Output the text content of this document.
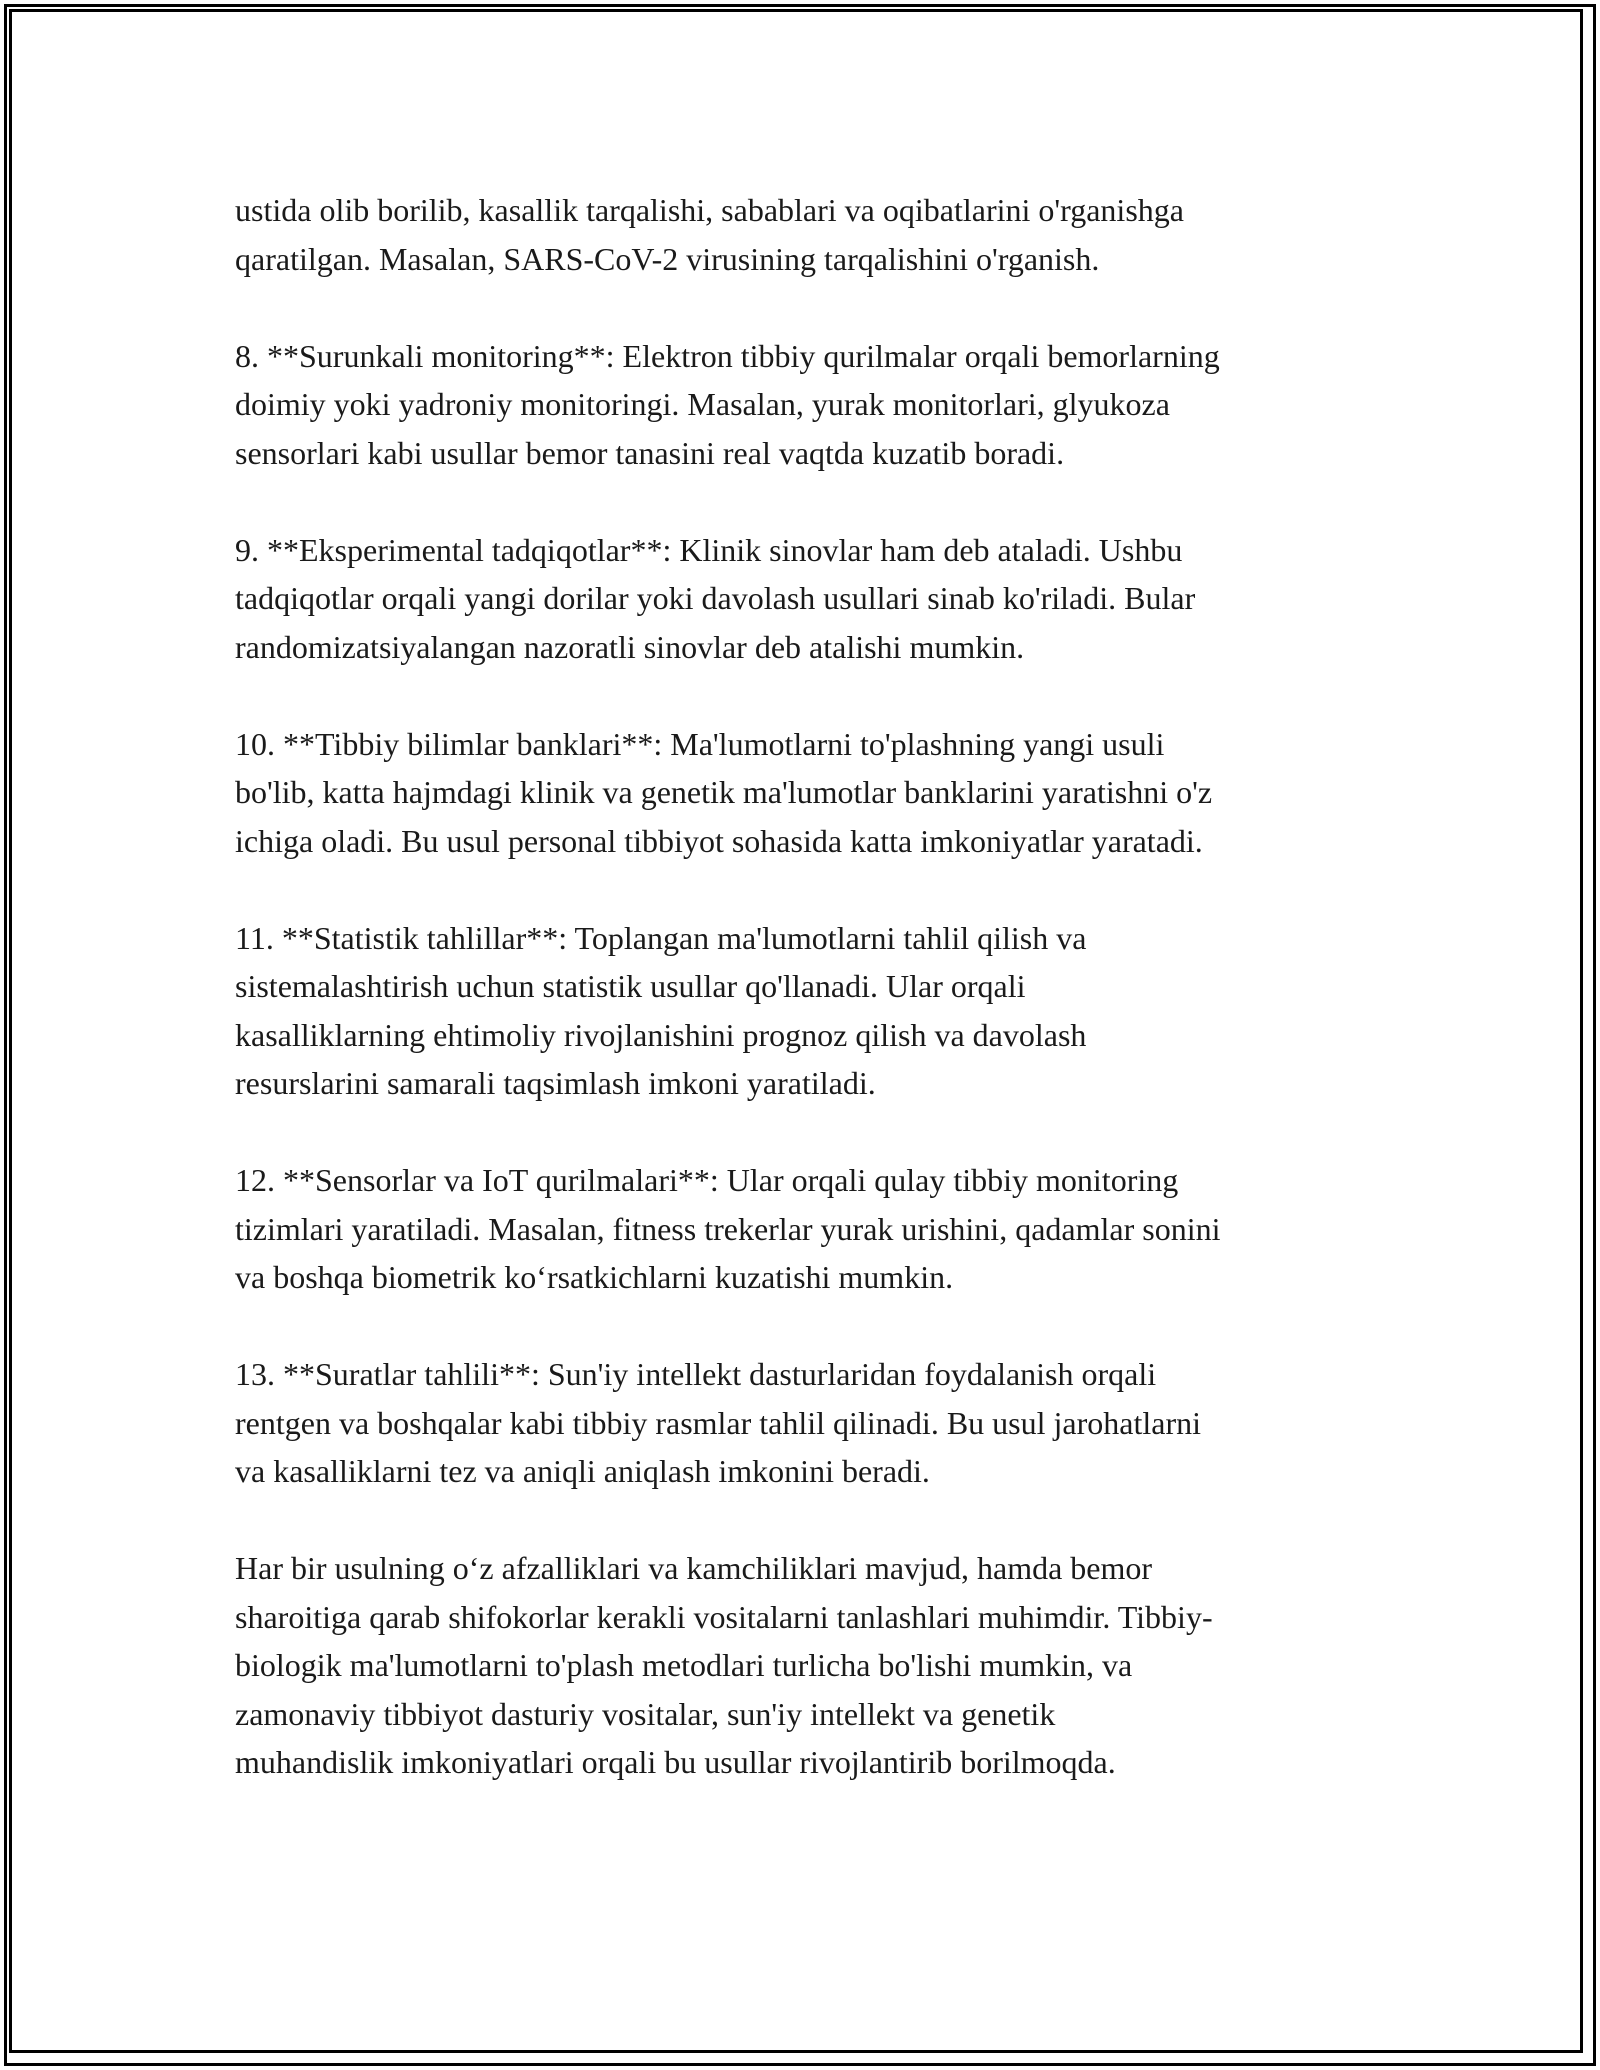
ustida olib borilib, kasallik tarqalishi, sabablari va oqibatlarini o'rganishga
qaratilgan. Masalan, SARS-CoV-2 virusining tarqalishini o'rganish.

8. **Surunkali monitoring**: Elektron tibbiy qurilmalar orqali bemorlarning
doimiy yoki yadroniy monitoringi. Masalan, yurak monitorlari, glyukoza
sensorlari kabi usullar bemor tanasini real vaqtda kuzatib boradi.

9. **Eksperimental tadqiqotlar**: Klinik sinovlar ham deb ataladi. Ushbu
tadqiqotlar orqali yangi dorilar yoki davolash usullari sinab ko'riladi. Bular
randomizatsiyalangan nazoratli sinovlar deb atalishi mumkin.

10. **Tibbiy bilimlar banklari**: Ma'lumotlarni to'plashning yangi usuli
bo'lib, katta hajmdagi klinik va genetik ma'lumotlar banklarini yaratishni o'z
ichiga oladi. Bu usul personal tibbiyot sohasida katta imkoniyatlar yaratadi.

11. **Statistik tahlillar**: Toplangan ma'lumotlarni tahlil qilish va
sistemalashtirish uchun statistik usullar qo'llanadi. Ular orqali
kasalliklarning ehtimoliy rivojlanishini prognoz qilish va davolash
resurslarini samarali taqsimlash imkoni yaratiladi.

12. **Sensorlar va IoT qurilmalari**: Ular orqali qulay tibbiy monitoring
tizimlari yaratiladi. Masalan, fitness trekerlar yurak urishini, qadamlar sonini
va boshqa biometrik ko‘rsatkichlarni kuzatishi mumkin.

13. **Suratlar tahlili**: Sun'iy intellekt dasturlaridan foydalanish orqali
rentgen va boshqalar kabi tibbiy rasmlar tahlil qilinadi. Bu usul jarohatlarni
va kasalliklarni tez va aniqli aniqlash imkonini beradi.

Har bir usulning o‘z afzalliklari va kamchiliklari mavjud, hamda bemor
sharoitiga qarab shifokorlar kerakli vositalarni tanlashlari muhimdir. Tibbiy-
biologik ma'lumotlarni to'plash metodlari turlicha bo'lishi mumkin, va
zamonaviy tibbiyot dasturiy vositalar, sun'iy intellekt va genetik
muhandislik imkoniyatlari orqali bu usullar rivojlantirib borilmoqda.
